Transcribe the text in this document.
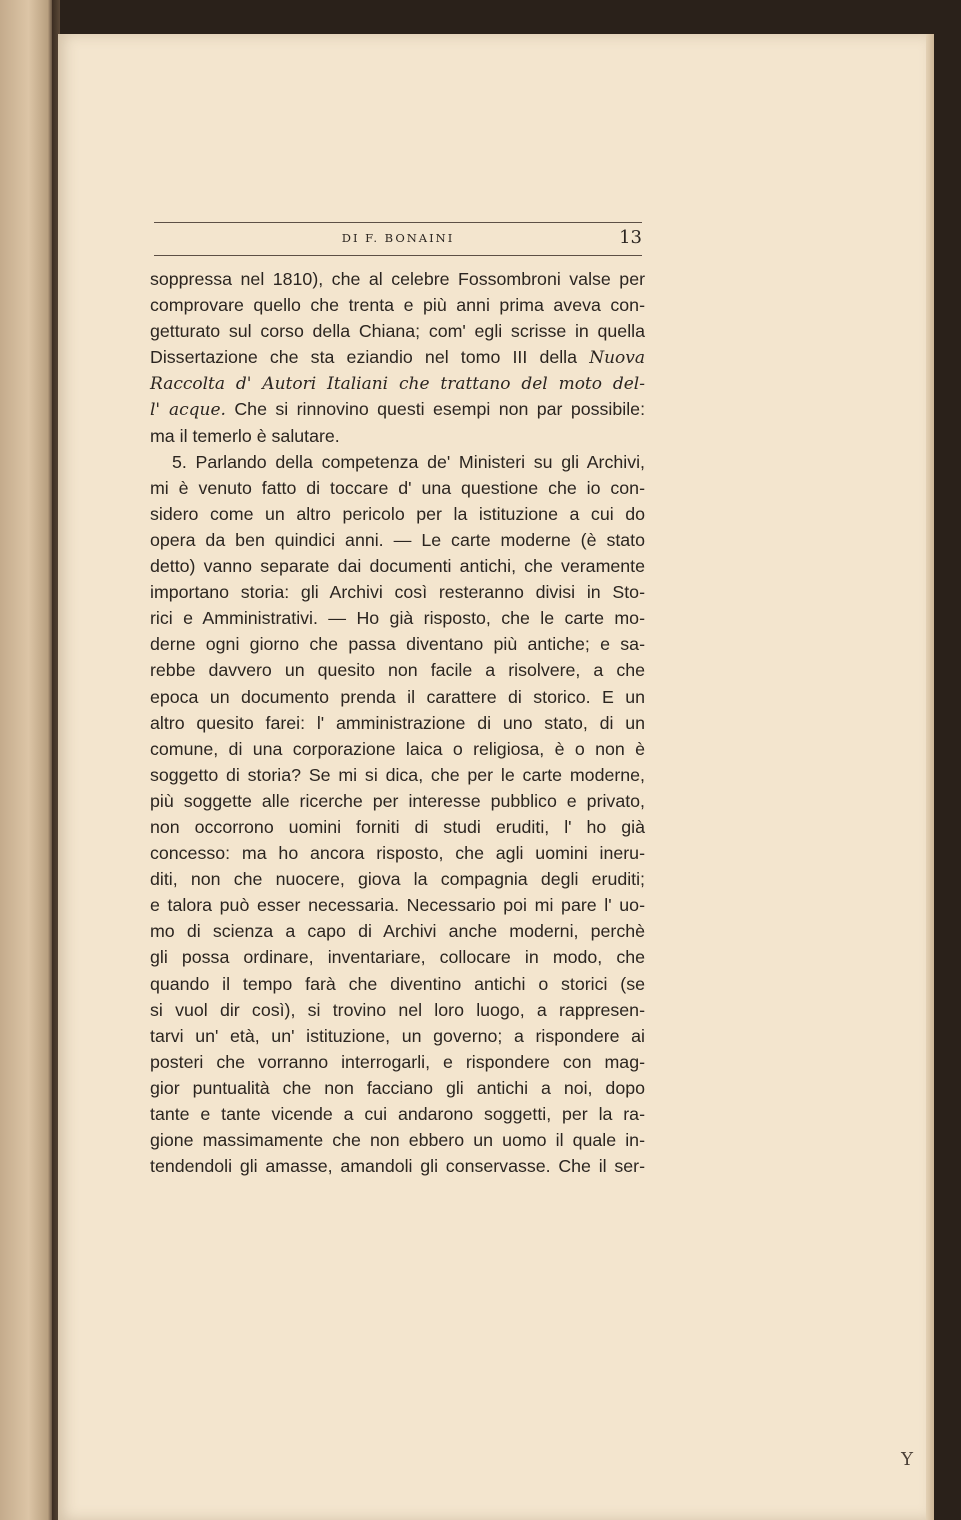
DI F. BONAINI	13
soppressa nel 1810), che al celebre Fossombroni valse per
comprovare quello che trenta e più anni prima aveva con-
getturato sul corso della Chiana; com' egli scrisse in quella
Dissertazione che sta eziandio nel tomo III della Nuova
Raccolta d' Autori Italiani che trattano del moto del-
l' acque. Che si rinnovino questi esempi non par possibile:
ma il temerlo è salutare.
5. Parlando della competenza de' Ministeri su gli Archivi,
mi è venuto fatto di toccare d' una questione che io con-
sidero come un altro pericolo per la istituzione a cui do
opera da ben quindici anni. — Le carte moderne (è stato
detto) vanno separate dai documenti antichi, che veramente
importano storia: gli Archivi così resteranno divisi in Sto-
rici e Amministrativi. — Ho già risposto, che le carte mo-
derne ogni giorno che passa diventano più antiche; e sa-
rebbe davvero un quesito non facile a risolvere, a che
epoca un documento prenda il carattere di storico. E un
altro quesito farei: l' amministrazione di uno stato, di un
comune, di una corporazione laica o religiosa, è o non è
soggetto di storia? Se mi si dica, che per le carte moderne,
più soggette alle ricerche per interesse pubblico e privato,
non occorrono uomini forniti di studi eruditi, l' ho già
concesso: ma ho ancora risposto, che agli uomini ineru-
diti, non che nuocere, giova la compagnia degli eruditi;
e talora può esser necessaria. Necessario poi mi pare l' uo-
mo di scienza a capo di Archivi anche moderni, perchè
gli possa ordinare, inventariare, collocare in modo, che
quando il tempo farà che diventino antichi o storici (se
si vuol dir così), si trovino nel loro luogo, a rappresen-
tarvi un' età, un' istituzione, un governo; a rispondere ai
posteri che vorranno interrogarli, e rispondere con mag-
gior puntualità che non facciano gli antichi a noi, dopo
tante e tante vicende a cui andarono soggetti, per la ra-
gione massimamente che non ebbero un uomo il quale in-
tendendoli gli amasse, amandoli gli conservasse. Che il ser-
Y
